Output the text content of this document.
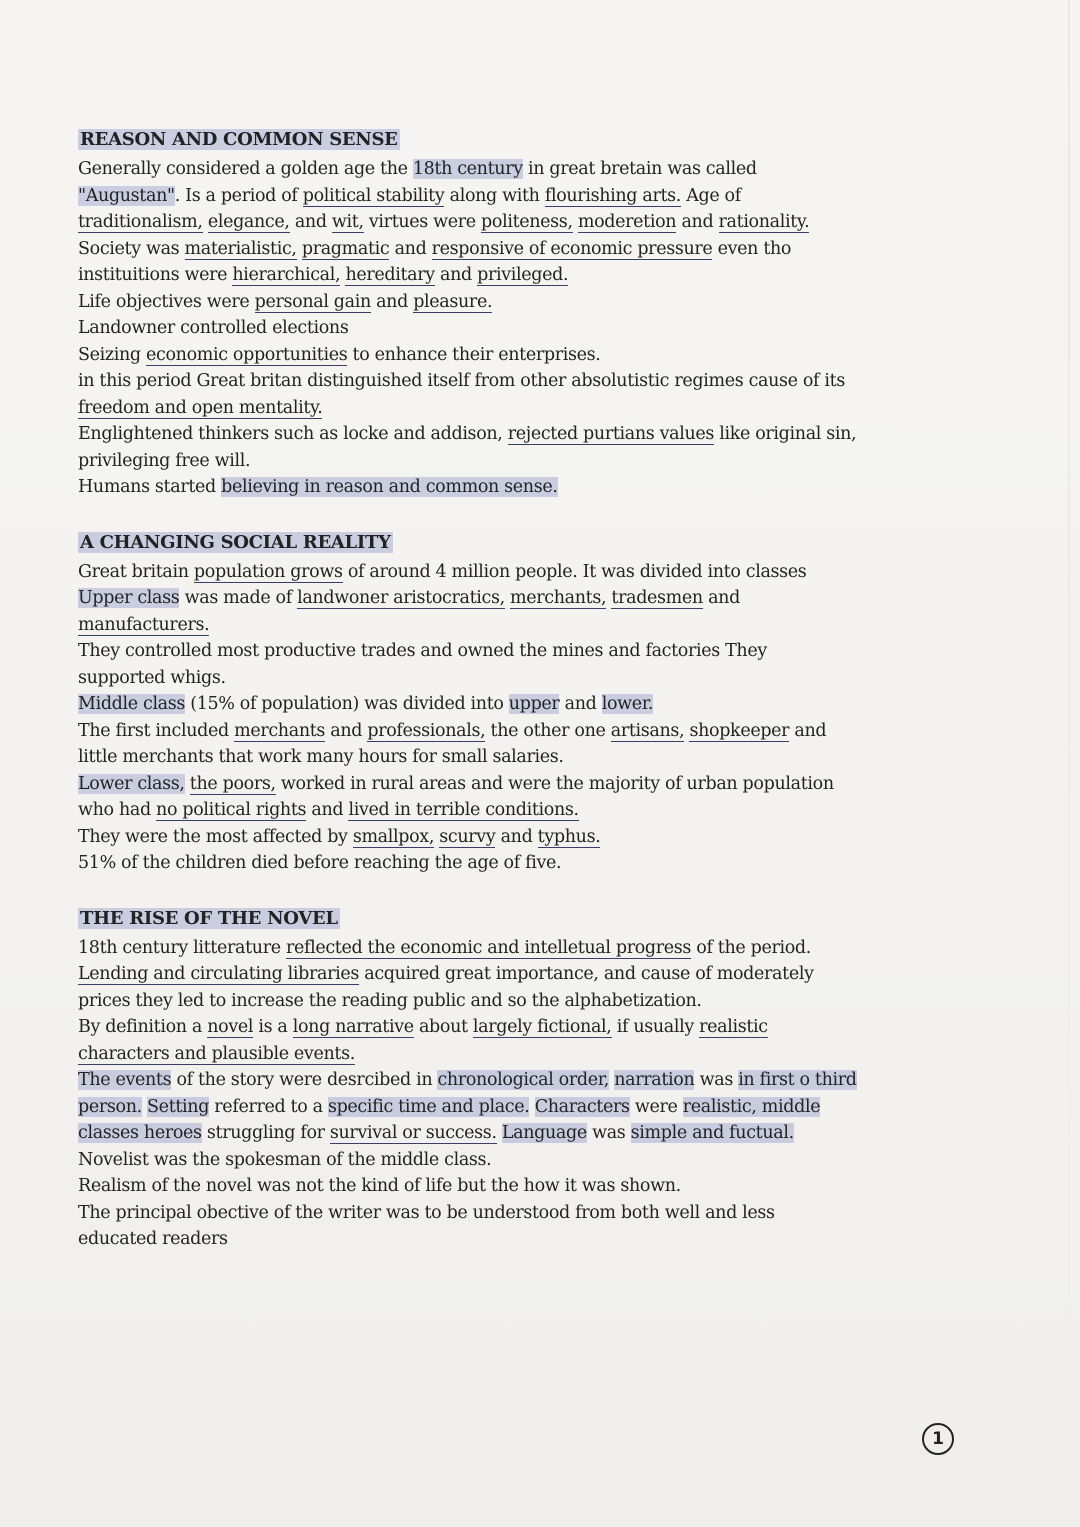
REASON AND COMMON SENSE

Generally considered a golden age the 18th century in great bretain was called

"Augustan". Is a period of political stability along with flourishing arts. Age of

traditionalism, elegance, and wit, virtues were politeness, moderetion and rationality.

Society was materialistic, pragmatic and responsive of economic pressure even tho

instituitions were hierarchical, hereditary and privileged.

Life objectives were personal gain and pleasure.

Landowner controlled elections

Seizing economic opportunities to enhance their enterprises.

in this period Great britan distinguished itself from other absolutistic regimes cause of its

freedom and open mentality.

Englightened thinkers such as locke and addison, rejected purtians values like original sin,

privileging free will.

Humans started believing in reason and common sense.

A CHANGING SOCIAL REALITY

Great britain population grows of around 4 million people. It was divided into classes

Upper class was made of landwoner aristocratics, merchants, tradesmen and

manufacturers.

They controlled most productive trades and owned the mines and factories They

supported whigs.

Middle class (15% of population) was divided into upper and lower.

The first included merchants and professionals, the other one artisans, shopkeeper and

little merchants that work many hours for small salaries.

Lower class, the poors, worked in rural areas and were the majority of urban population

who had no political rights and lived in terrible conditions.

They were the most affected by smallpox, scurvy and typhus.

51% of the children died before reaching the age of five.

THE RISE OF THE NOVEL

18th century litterature reflected the economic and intelletual progress of the period.

Lending and circulating libraries acquired great importance, and cause of moderately

prices they led to increase the reading public and so the alphabetization.

By definition a novel is a long narrative about largely fictional, if usually realistic

characters and plausible events.

The events of the story were desrcibed in chronological order, narration was in first o third

person. Setting referred to a specific time and place. Characters were realistic, middle

classes heroes struggling for survival or success. Language was simple and fuctual.

Novelist was the spokesman of the middle class.

Realism of the novel was not the kind of life but the how it was shown.

The principal obective of the writer was to be understood from both well and less

educated readers

1
